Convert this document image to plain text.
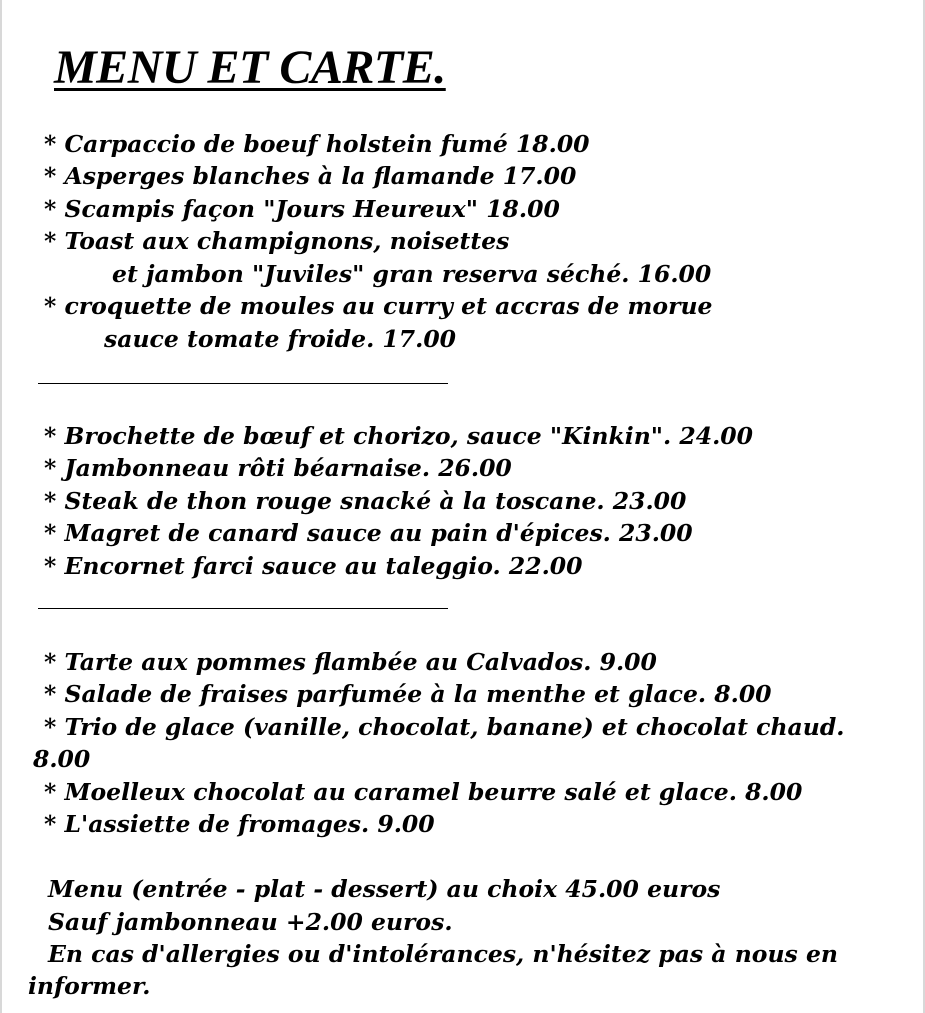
MENU ET CARTE.
* Carpaccio de boeuf holstein fumé 18.00
* Asperges blanches à la flamande 17.00
* Scampis façon "Jours Heureux" 18.00
* Toast aux champignons, noisettes
et jambon "Juviles" gran reserva séché. 16.00
* croquette de moules au curry et accras de morue
sauce tomate froide. 17.00
* Brochette de bœuf et chorizo, sauce "Kinkin". 24.00
* Jambonneau rôti béarnaise. 26.00
* Steak de thon rouge snacké à la toscane. 23.00
* Magret de canard sauce au pain d'épices. 23.00
* Encornet farci sauce au taleggio. 22.00
* Tarte aux pommes flambée au Calvados. 9.00
* Salade de fraises parfumée à la menthe et glace. 8.00
* Trio de glace (vanille, chocolat, banane) et chocolat chaud.
8.00
* Moelleux chocolat au caramel beurre salé et glace. 8.00
* L'assiette de fromages. 9.00
Menu (entrée - plat - dessert) au choix 45.00 euros
Sauf jambonneau +2.00 euros.
En cas d'allergies ou d'intolérances, n'hésitez pas à nous en
informer.
